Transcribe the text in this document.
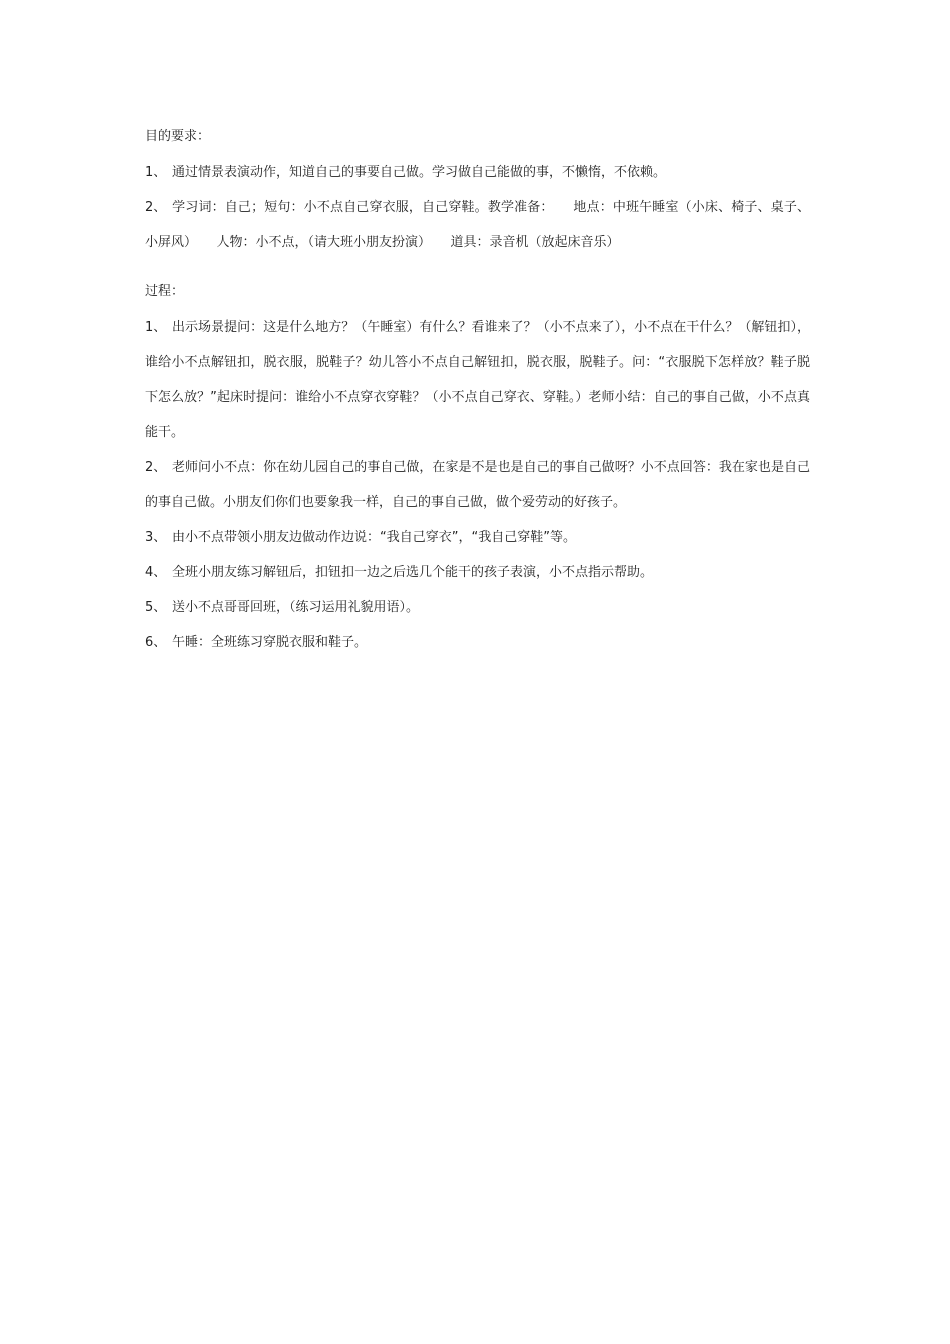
目的要求：

1、 通过情景表演动作，知道自己的事要自己做。学习做自己能做的事，不懒惰，不依赖。

2、 学习词：自己；短句：小不点自己穿衣服，自己穿鞋。教学准备：　　地点：中班午睡室（小床、椅子、桌子、小屏风）　　人物：小不点，（请大班小朋友扮演）　　道具：录音机（放起床音乐）

过程：

1、 出示场景提问：这是什么地方？（午睡室）有什么？看谁来了？（小不点来了），小不点在干什么？（解钮扣），谁给小不点解钮扣，脱衣服，脱鞋子？幼儿答小不点自己解钮扣，脱衣服，脱鞋子。问：“衣服脱下怎样放？鞋子脱下怎么放？”起床时提问：谁给小不点穿衣穿鞋？（小不点自己穿衣、穿鞋。）老师小结：自己的事自己做，小不点真能干。

2、 老师问小不点：你在幼儿园自己的事自己做，在家是不是也是自己的事自己做呀？小不点回答：我在家也是自己的事自己做。小朋友们你们也要象我一样，自己的事自己做，做个爱劳动的好孩子。

3、 由小不点带领小朋友边做动作边说：“我自己穿衣”，“我自己穿鞋”等。

4、 全班小朋友练习解钮后，扣钮扣一边之后选几个能干的孩子表演，小不点指示帮助。

5、 送小不点哥哥回班，（练习运用礼貌用语）。

6、 午睡：全班练习穿脱衣服和鞋子。
